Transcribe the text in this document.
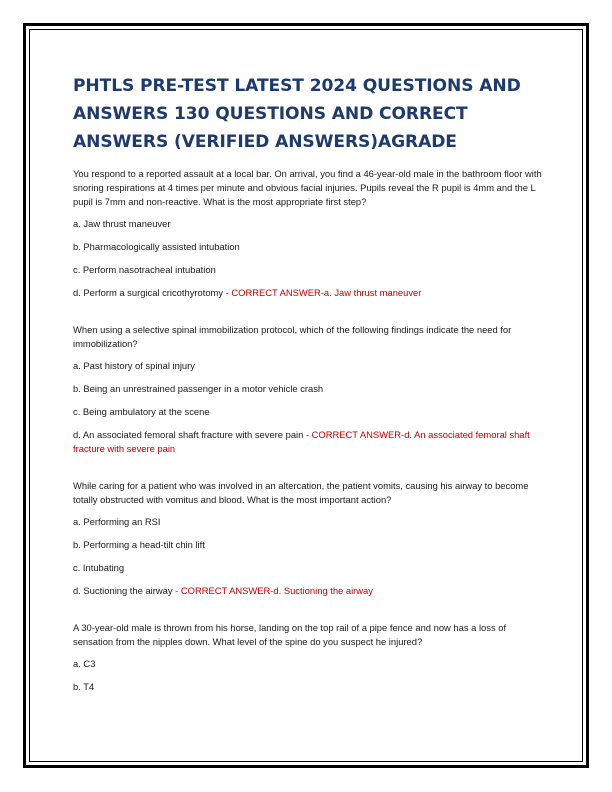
PHTLS PRE-TEST LATEST 2024 QUESTIONS AND ANSWERS 130 QUESTIONS AND CORRECT ANSWERS (VERIFIED ANSWERS)AGRADE

You respond to a reported assault at a local bar. On arrival, you find a 46-year-old male in the bathroom floor with snoring respirations at 4 times per minute and obvious facial injuries. Pupils reveal the R pupil is 4mm and the L pupil is 7mm and non-reactive. What is the most appropriate first step?

a. Jaw thrust maneuver

b. Pharmacologically assisted intubation

c. Perform nasotracheal intubation

d. Perform a surgical cricothyrotomy - CORRECT ANSWER-a. Jaw thrust maneuver

When using a selective spinal immobilization protocol, which of the following findings indicate the need for immobilization?

a. Past history of spinal injury

b. Being an unrestrained passenger in a motor vehicle crash

c. Being ambulatory at the scene

d. An associated femoral shaft fracture with severe pain - CORRECT ANSWER-d. An associated femoral shaft fracture with severe pain

While caring for a patient who was involved in an altercation, the patient vomits, causing his airway to become totally obstructed with vomitus and blood. What is the most important action?

a. Performing an RSI

b. Performing a head-tilt chin lift

c. Intubating

d. Suctioning the airway - CORRECT ANSWER-d. Suctioning the airway

A 30-year-old male is thrown from his horse, landing on the top rail of a pipe fence and now has a loss of sensation from the nipples down. What level of the spine do you suspect he injured?

a. C3

b. T4
